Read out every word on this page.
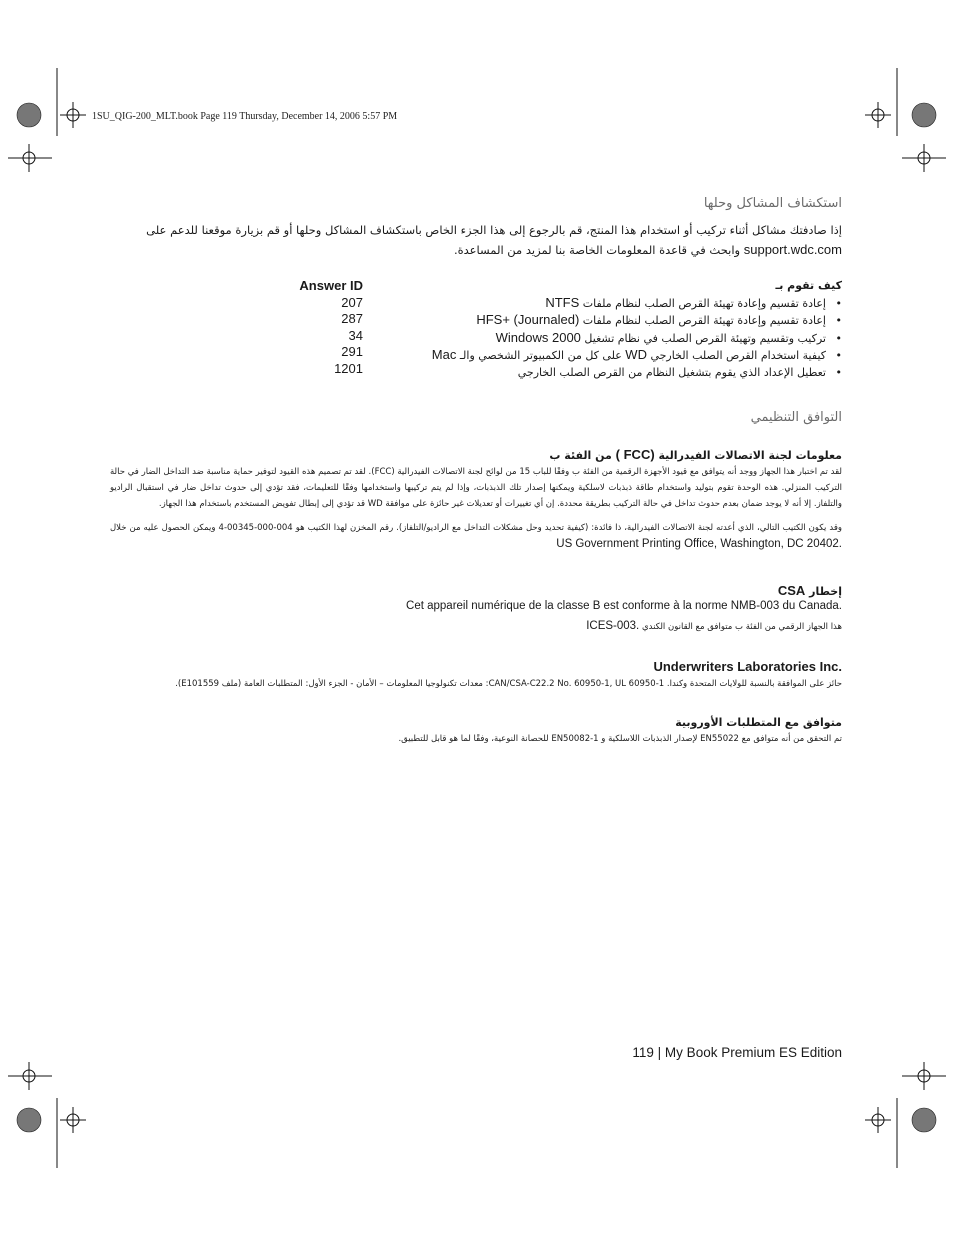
1SU_QIG-200_MLT.book Page 119 Thursday, December 14, 2006 5:57 PM
استكشاف المشاكل وحلها
إذا صادفتك مشاكل أثناء تركيب أو استخدام هذا المنتج، قم بالرجوع إلى هذا الجزء الخاص باستكشاف المشاكل وحلها أو قم بزيارة موقعنا للدعم على
support.wdc.com وابحث في قاعدة المعلومات الخاصة بنا لمزيد من المساعدة.
Answer ID
207
287
34
291
1201
كيف تقوم بـ
• إعادة تقسيم وإعادة تهيئة القرص الصلب لنظام ملفات NTFS
• إعادة تقسيم وإعادة تهيئة القرص الصلب لنظام ملفات HFS+ (Journaled)
• تركيب وتقسيم وتهيئة القرص الصلب في نظام تشغيل Windows 2000
• كيفية استخدام القرص الصلب الخارجي WD على كل من الكمبيوتر الشخصي والـ Mac
• تعطيل الإعداد الذي يقوم بتشغيل النظام من القرص الصلب الخارجي
التوافق التنظيمي
معلومات لجنة الاتصالات الفيدرالية ( FCC) من الفئة ب
لقد تم اختبار هذا الجهاز ووجد أنه يتوافق مع قيود الأجهزة الرقمية من الفئة ب وفقًا للباب 15 من لوائح لجنة الاتصالات الفيدرالية (FCC). لقد تم تصميم هذه القيود لتوفير حماية مناسبة ضد التداخل الضار في حالة التركيب المنزلي. هذه الوحدة تقوم بتوليد واستخدام طاقة ذبذبات لاسلكية ويمكنها إصدار تلك الذبذبات، وإذا لم يتم تركيبها واستخدامها وفقًا للتعليمات، فقد تؤدي إلى حدوث تداخل ضار في استقبال الراديو والتلفاز. إلا أنه لا يوجد ضمان بعدم حدوث تداخل في حالة التركيب بطريقة محددة. إن أي تغييرات أو تعديلات غير حائزة على موافقة WD قد تؤدي إلى إبطال تفويض المستخدم باستخدام هذا الجهاز.
وقد يكون الكتيب التالي، الذي أعدته لجنة الاتصالات الفيدرالية، ذا فائدة: (كيفية تحديد وحل مشكلات التداخل مع الراديو/التلفاز). رقم المخزن لهذا الكتيب هو 004-000-00345-4 ويمكن الحصول عليه من خلال US Government Printing Office, Washington, DC 20402.
إخطار CSA

Cet appareil numérique de la classe B est conforme à la norme NMB-003 du Canada.

هذا الجهاز الرقمي من الفئة ب متوافق مع القانون الكندي ICES-003.
Underwriters Laboratories Inc.
حائز على الموافقة بالنسبة للولايات المتحدة وكندا. CAN/CSA-C22.2 No. 60950-1, UL 60950-1: معدات تكنولوجيا المعلومات – الأمان - الجزء الأول: المتطلبات العامة (ملف E101559).
متوافق مع المتطلبات الأوروبية
تم التحقق من أنه متوافق مع EN55022 لإصدار الذبذبات اللاسلكية و EN50082-1 للحصانة النوعية، وفقًا لما هو قابل للتطبيق.
119 | My Book Premium ES Edition
